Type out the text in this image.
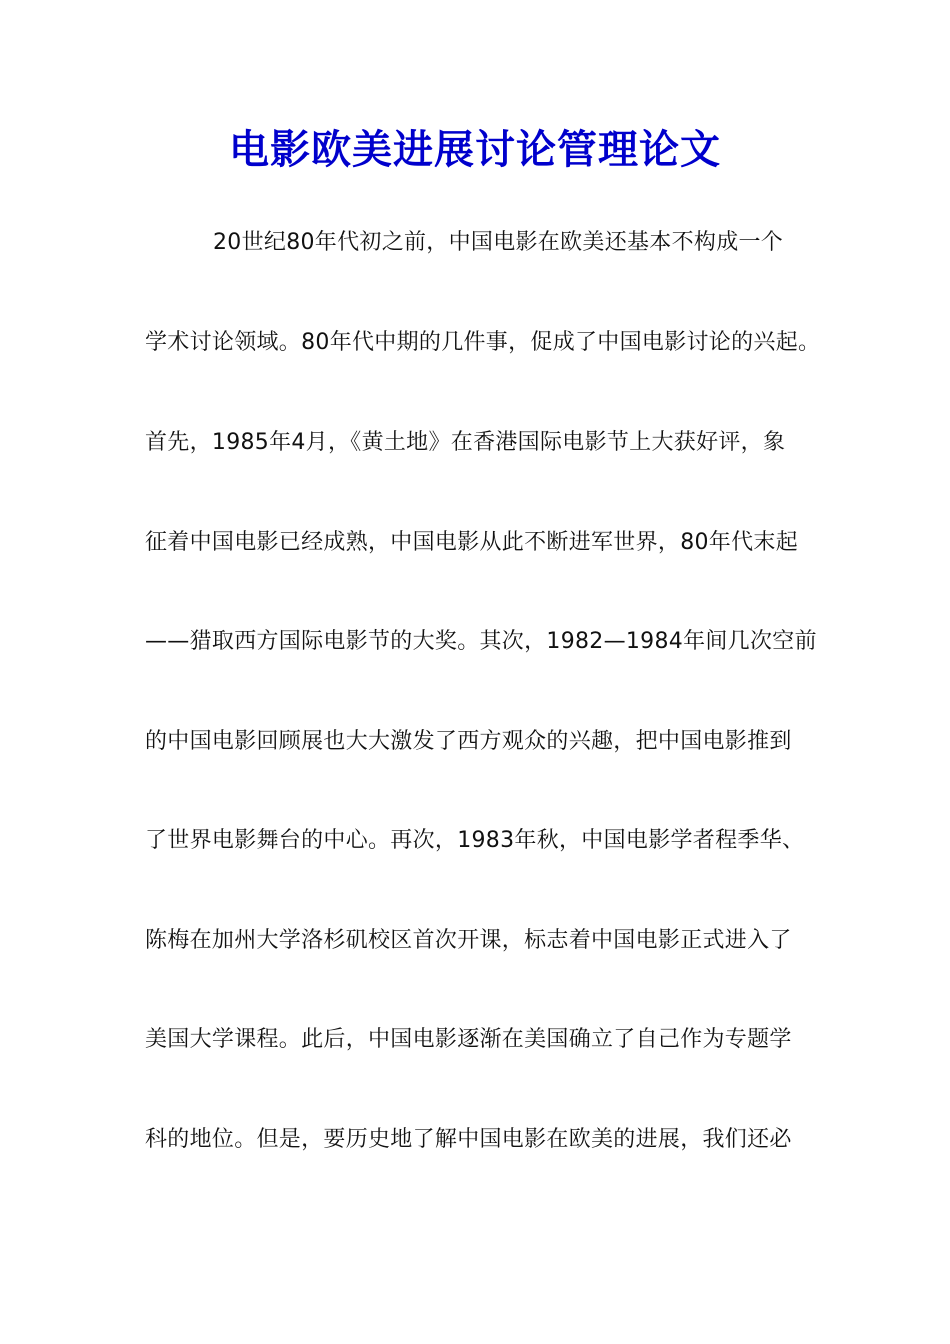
电影欧美进展讨论管理论文

20世纪80年代初之前，中国电影在欧美还基本不构成一个

学术讨论领域。80年代中期的几件事，促成了中国电影讨论的兴起。

首先，1985年4月，《黄土地》在香港国际电影节上大获好评，象

征着中国电影已经成熟，中国电影从此不断进军世界，80年代末起

——猎取西方国际电影节的大奖。其次，1982—1984年间几次空前

的中国电影回顾展也大大激发了西方观众的兴趣，把中国电影推到

了世界电影舞台的中心。再次，1983年秋，中国电影学者程季华、

陈梅在加州大学洛杉矶校区首次开课，标志着中国电影正式进入了

美国大学课程。此后，中国电影逐渐在美国确立了自己作为专题学

科的地位。但是，要历史地了解中国电影在欧美的进展，我们还必
